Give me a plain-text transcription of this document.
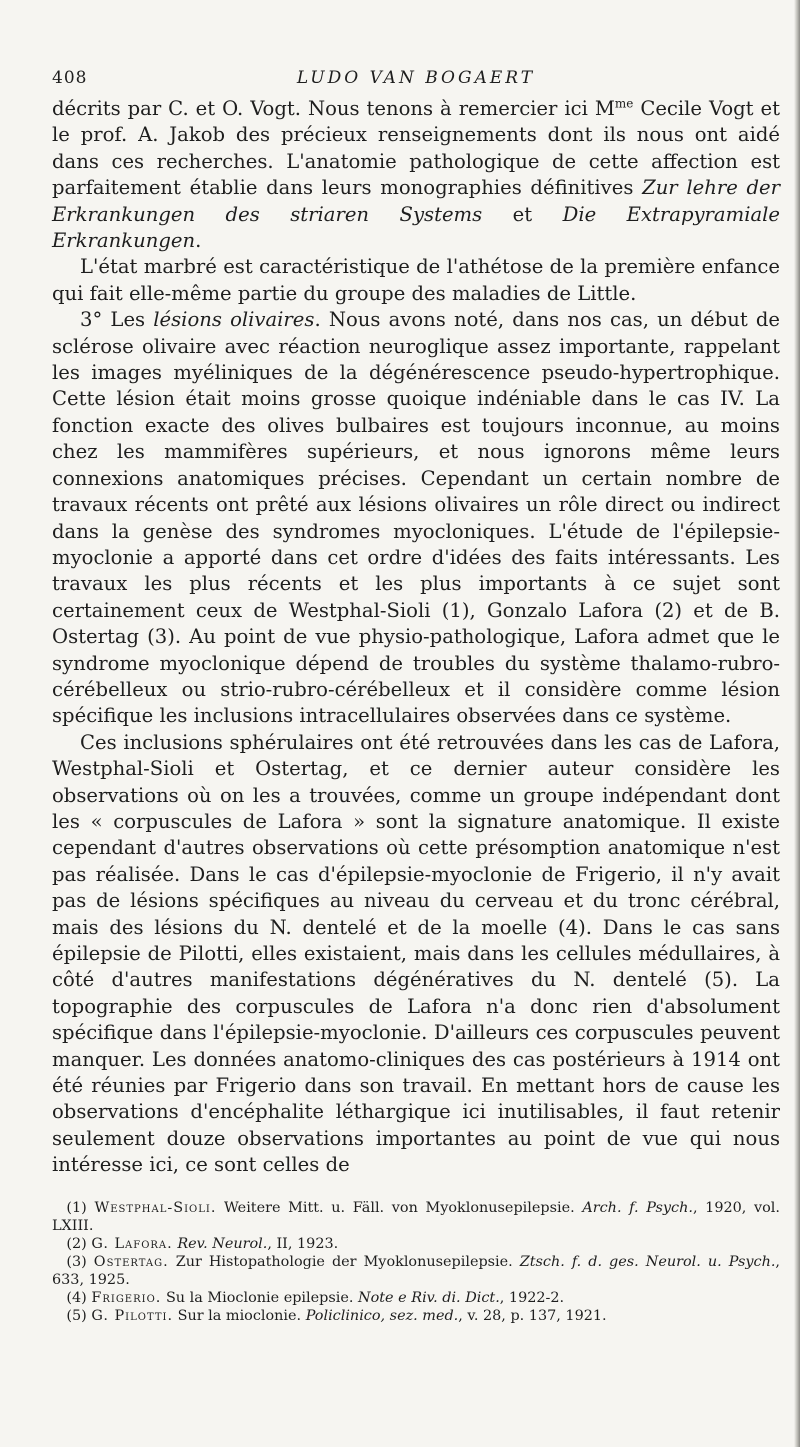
408	LUDO VAN BOGAERT

décrits par C. et O. Vogt. Nous tenons à remercier ici $M^{me}$ Cecile Vogt et le prof. A. Jakob des précieux renseignements dont ils nous ont aidé dans ces recherches. L'anatomie pathologique de cette affection est parfaitement établie dans leurs monographies définitives Zur lehre der Erkrankungen des striaren Systems et Die Extrapyramiale Erkrankungen.

L'état marbré est caractéristique de l'athétose de la première enfance qui fait elle-même partie du groupe des maladies de Little.

3° Les lésions olivaires. Nous avons noté, dans nos cas, un début de sclérose olivaire avec réaction neuroglique assez importante, rappelant les images myéliniques de la dégénérescence pseudo-hypertrophique. Cette lésion était moins grosse quoique indéniable dans le cas IV. La fonction exacte des olives bulbaires est toujours inconnue, au moins chez les mammifères supérieurs, et nous ignorons même leurs connexions anatomiques précises. Cependant un certain nombre de travaux récents ont prêté aux lésions olivaires un rôle direct ou indirect dans la genèse des syndromes myocloniques. L'étude de l'épilepsie-myoclonie a apporté dans cet ordre d'idées des faits intéressants. Les travaux les plus récents et les plus importants à ce sujet sont certainement ceux de Westphal-Sioli (1), Gonzalo Lafora (2) et de B. Ostertag (3). Au point de vue physio-pathologique, Lafora admet que le syndrome myoclonique dépend de troubles du système thalamo-rubro-cérébelleux ou strio-rubro-cérébelleux et il considère comme lésion spécifique les inclusions intracellulaires observées dans ce système.

Ces inclusions sphérulaires ont été retrouvées dans les cas de Lafora, Westphal-Sioli et Ostertag, et ce dernier auteur considère les observations où on les a trouvées, comme un groupe indépendant dont les « corpuscules de Lafora » sont la signature anatomique. Il existe cependant d'autres observations où cette présomption anatomique n'est pas réalisée. Dans le cas d'épilepsie-myoclonie de Frigerio, il n'y avait pas de lésions spécifiques au niveau du cerveau et du tronc cérébral, mais des lésions du N. dentelé et de la moelle (4). Dans le cas sans épilepsie de Pilotti, elles existaient, mais dans les cellules médullaires, à côté d'autres manifestations dégénératives du N. dentelé (5). La topographie des corpuscules de Lafora n'a donc rien d'absolument spécifique dans l'épilepsie-myoclonie. D'ailleurs ces corpuscules peuvent manquer. Les données anatomo-cliniques des cas postérieurs à 1914 ont été réunies par Frigerio dans son travail. En mettant hors de cause les observations d'encéphalite léthargique ici inutilisables, il faut retenir seulement douze observations importantes au point de vue qui nous intéresse ici, ce sont celles de

 (1) Westphal-Sioli. Weitere Mitt. u. Fäll. von Myoklonusepilepsie. Arch. f. Psych., 1920, vol. LXIII.

 (2) G. Lafora. Rev. Neurol., II, 1923.

 (3) Ostertag. Zur Histopathologie der Myoklonusepilepsie. Ztsch. f. d. ges. Neurol. u. Psych., 633, 1925.

 (4) Frigerio. Su la Mioclonie epilepsie. Note e Riv. di. Dict., 1922-2.

 (5) G. Pilotti. Sur la mioclonie. Policlinico, sez. med., v. 28, p. 137, 1921.
